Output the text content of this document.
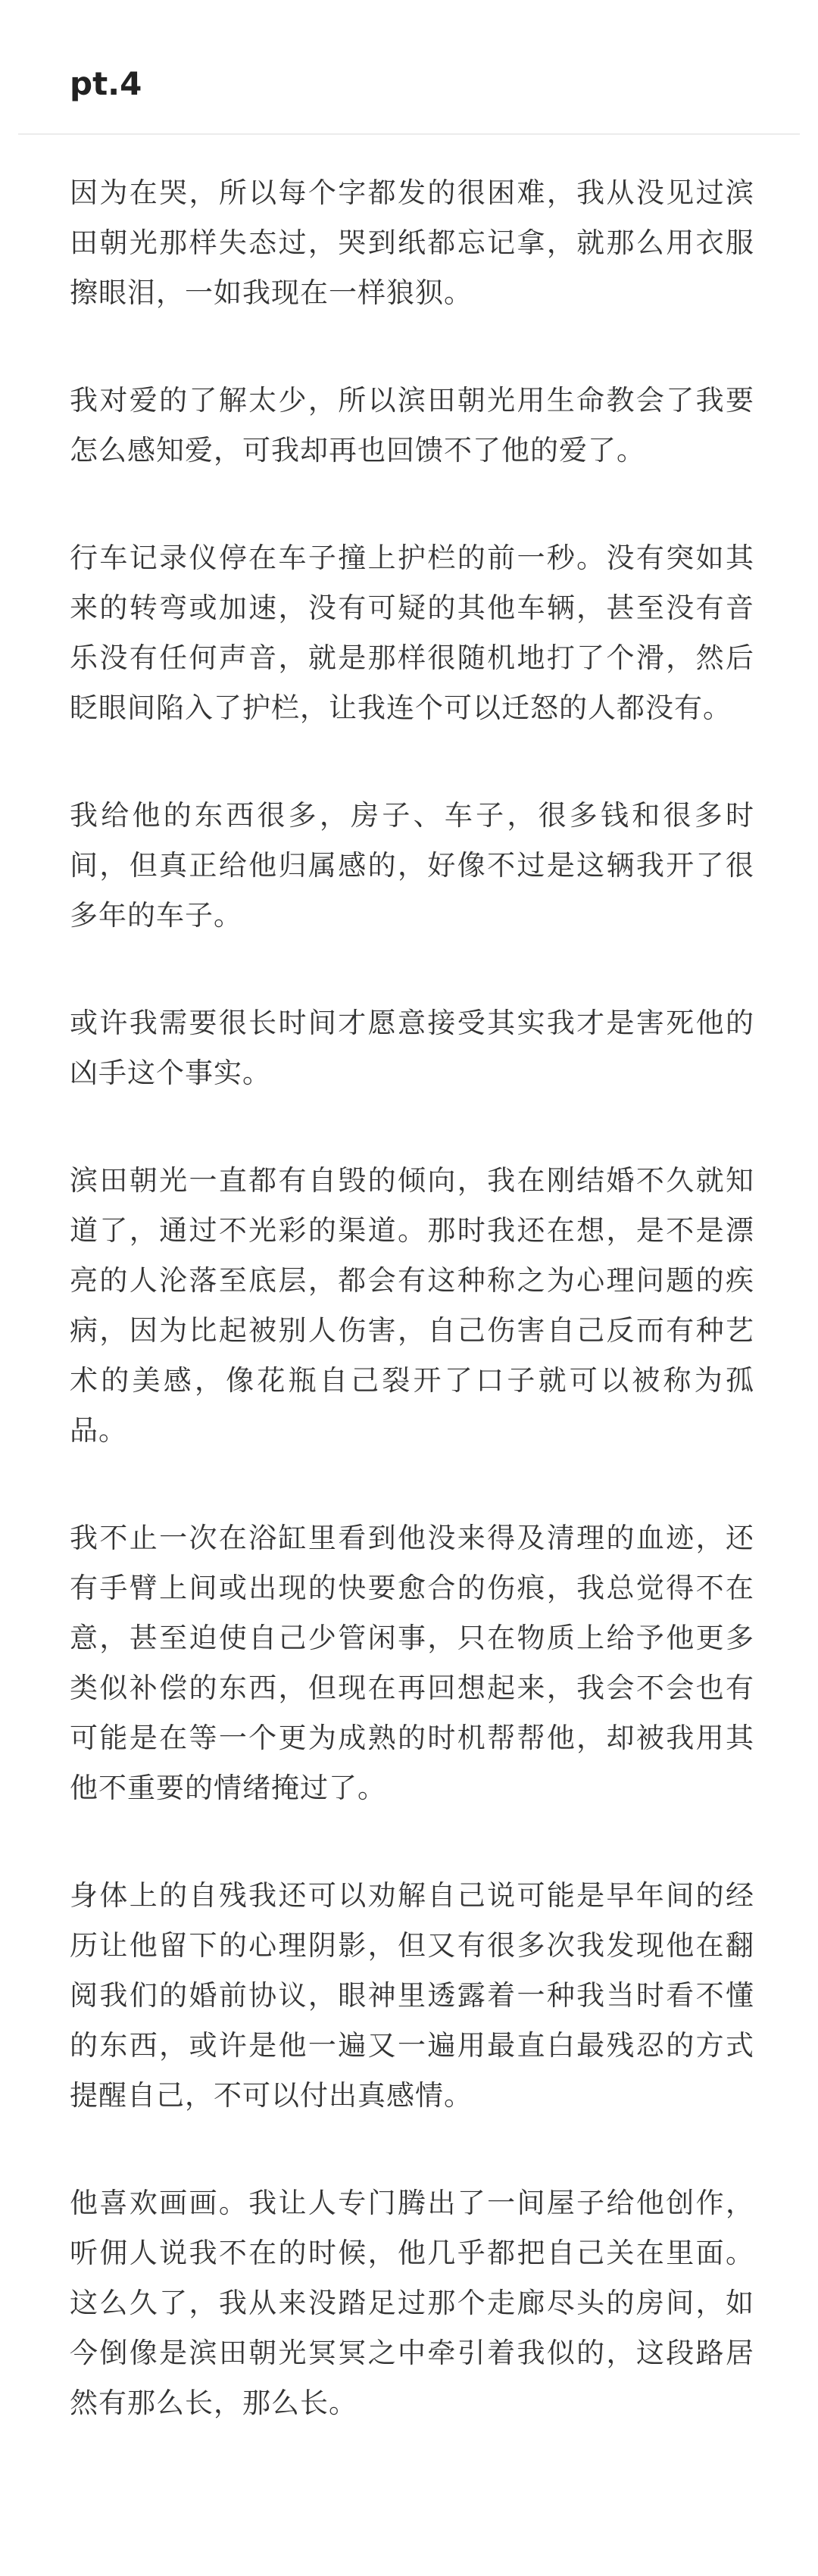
pt.4

因为在哭，所以每个字都发的很困难，我从没见过滨田朝光那样失态过，哭到纸都忘记拿，就那么用衣服擦眼泪，一如我现在一样狼狈。

我对爱的了解太少，所以滨田朝光用生命教会了我要怎么感知爱，可我却再也回馈不了他的爱了。

行车记录仪停在车子撞上护栏的前一秒。没有突如其来的转弯或加速，没有可疑的其他车辆，甚至没有音乐没有任何声音，就是那样很随机地打了个滑，然后眨眼间陷入了护栏，让我连个可以迁怒的人都没有。

我给他的东西很多，房子、车子，很多钱和很多时间，但真正给他归属感的，好像不过是这辆我开了很多年的车子。

或许我需要很长时间才愿意接受其实我才是害死他的凶手这个事实。

滨田朝光一直都有自毁的倾向，我在刚结婚不久就知道了，通过不光彩的渠道。那时我还在想，是不是漂亮的人沦落至底层，都会有这种称之为心理问题的疾病，因为比起被别人伤害，自己伤害自己反而有种艺术的美感，像花瓶自己裂开了口子就可以被称为孤品。

我不止一次在浴缸里看到他没来得及清理的血迹，还有手臂上间或出现的快要愈合的伤痕，我总觉得不在意，甚至迫使自己少管闲事，只在物质上给予他更多类似补偿的东西，但现在再回想起来，我会不会也有可能是在等一个更为成熟的时机帮帮他，却被我用其他不重要的情绪掩过了。

身体上的自残我还可以劝解自己说可能是早年间的经历让他留下的心理阴影，但又有很多次我发现他在翻阅我们的婚前协议，眼神里透露着一种我当时看不懂的东西，或许是他一遍又一遍用最直白最残忍的方式提醒自己，不可以付出真感情。

他喜欢画画。我让人专门腾出了一间屋子给他创作，听佣人说我不在的时候，他几乎都把自己关在里面。这么久了，我从来没踏足过那个走廊尽头的房间，如今倒像是滨田朝光冥冥之中牵引着我似的，这段路居然有那么长，那么长。
